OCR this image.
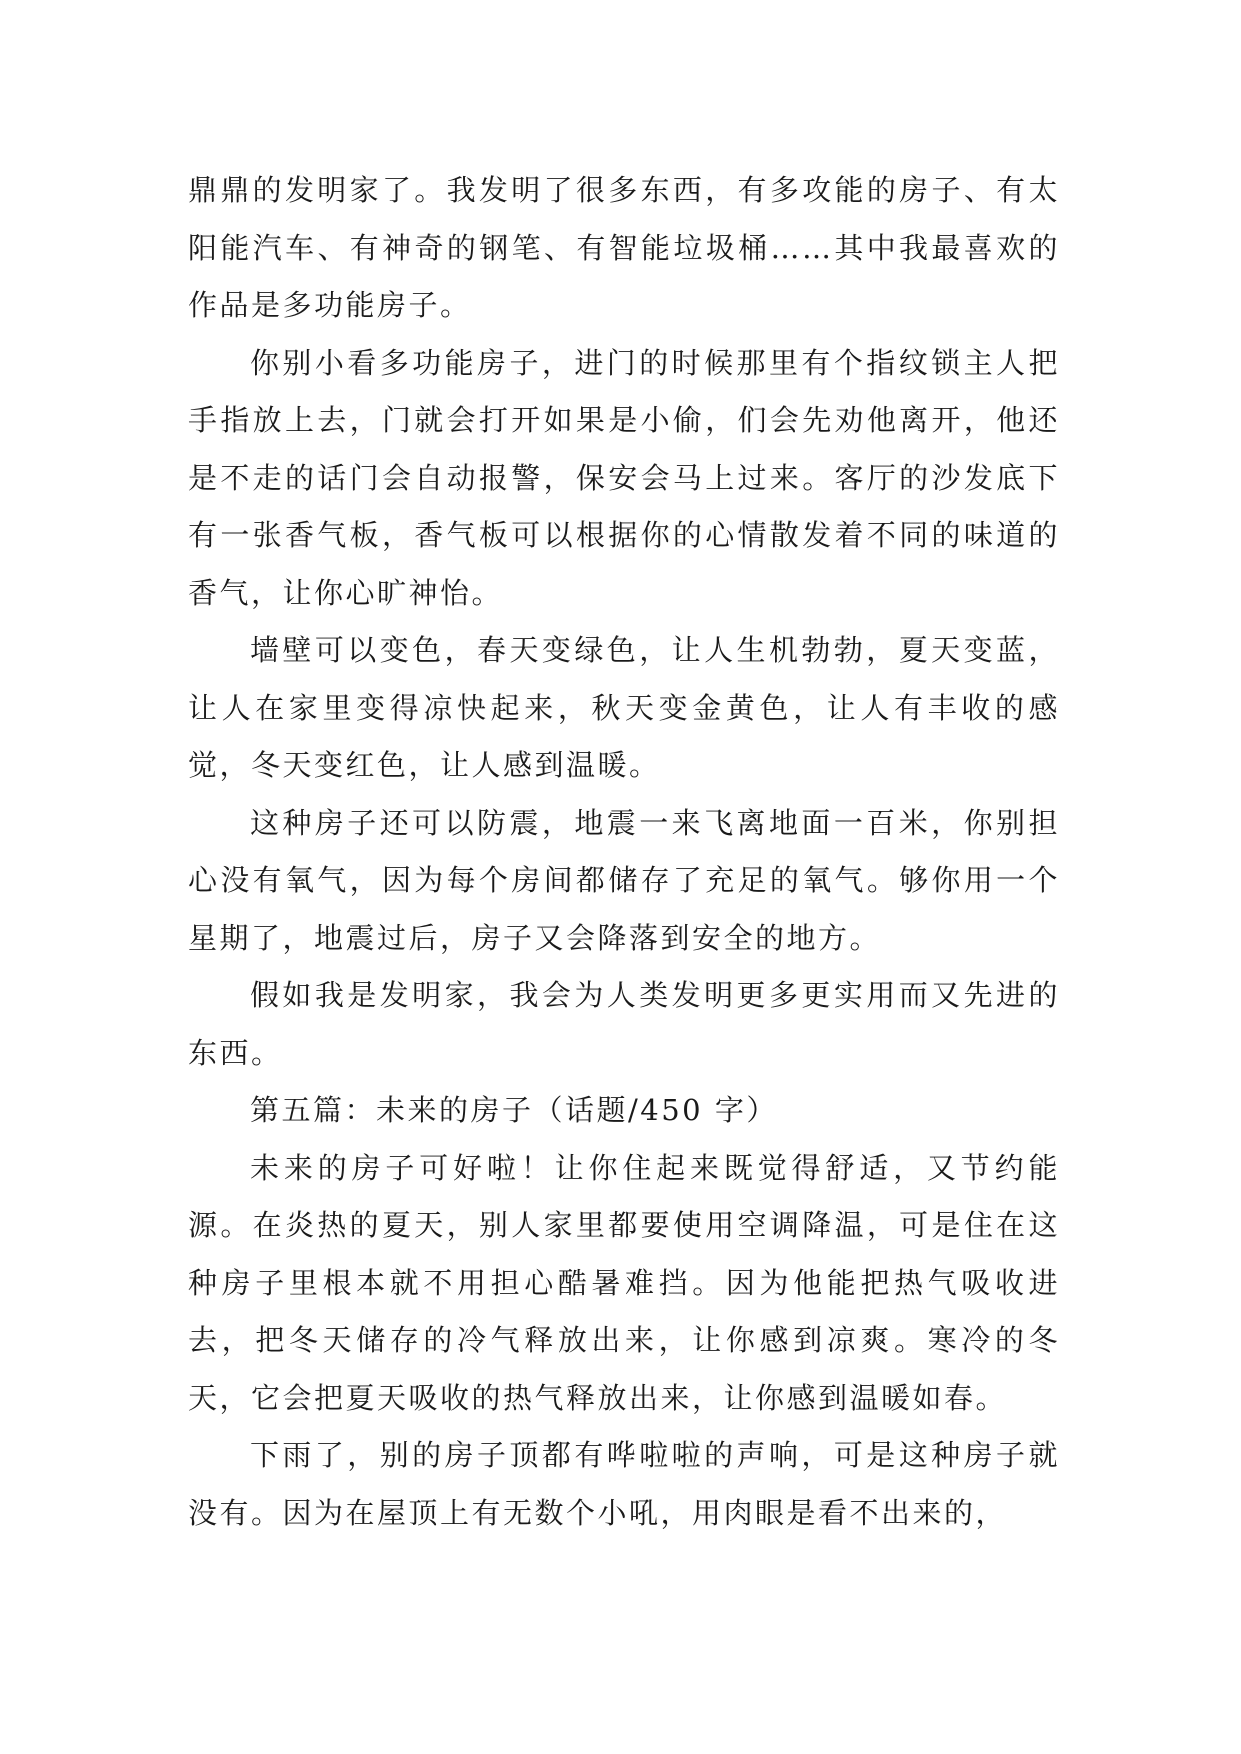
鼎鼎的发明家了。我发明了很多东西，有多攻能的房子、有太阳能汽车、有神奇的钢笔、有智能垃圾桶……其中我最喜欢的作品是多功能房子。

你别小看多功能房子，进门的时候那里有个指纹锁主人把手指放上去，门就会打开如果是小偷，们会先劝他离开，他还是不走的话门会自动报警，保安会马上过来。客厅的沙发底下有一张香气板，香气板可以根据你的心情散发着不同的味道的香气，让你心旷神怡。

墙壁可以变色，春天变绿色，让人生机勃勃，夏天变蓝，让人在家里变得凉快起来，秋天变金黄色，让人有丰收的感觉，冬天变红色，让人感到温暖。

这种房子还可以防震，地震一来飞离地面一百米，你别担心没有氧气，因为每个房间都储存了充足的氧气。够你用一个星期了，地震过后，房子又会降落到安全的地方。

假如我是发明家，我会为人类发明更多更实用而又先进的东西。

第五篇：未来的房子（话题/450 字）

未来的房子可好啦！让你住起来既觉得舒适，又节约能源。在炎热的夏天，别人家里都要使用空调降温，可是住在这种房子里根本就不用担心酷暑难挡。因为他能把热气吸收进去，把冬天储存的冷气释放出来，让你感到凉爽。寒冷的冬天，它会把夏天吸收的热气释放出来，让你感到温暖如春。

下雨了，别的房子顶都有哗啦啦的声响，可是这种房子就没有。因为在屋顶上有无数个小吼，用肉眼是看不出来的，
